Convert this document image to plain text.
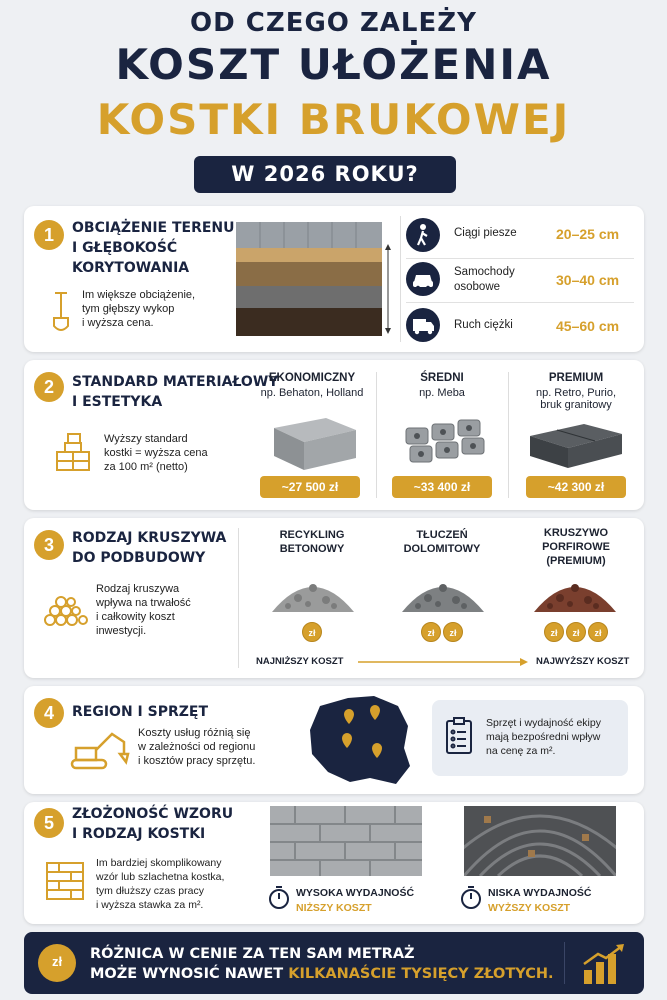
OD CZEGO ZALEŻY
KOSZT UŁOŻENIA
KOSTKI BRUKOWEJ
W 2026 ROKU?
1	OBCIĄŻENIE TERENU
I GŁĘBOKOŚĆ
KORYTOWANIA
Im większe obciążenie,
tym głębszy wykop
i wyższa cena.
Ciągi piesze	20–25 cm
Samochody
osobowe	30–40 cm
Ruch ciężki	45–60 cm
2	STANDARD MATERIAŁOWY
I ESTETYKA
Wyższy standard
kostki = wyższa cena
za 100 m² (netto)
EKONOMICZNY
np. Behaton, Holland
~27 500 zł
ŚREDNI
np. Meba
~33 400 zł
PREMIUM
np. Retro, Purio,
bruk granitowy
~42 300 zł
3	RODZAJ KRUSZYWA
DO PODBUDOWY
Rodzaj kruszywa
wpływa na trwałość
i całkowity koszt
inwestycji.
RECYKLING
BETONOWY
zł
TŁUCZEŃ
DOLOMITOWY
zł zł
KRUSZYWO
PORFIROWE
(PREMIUM)
zł zł zł
NAJNIŻSZY KOSZT	NAJWYŻSZY KOSZT
4	REGION I SPRZĘT
Koszty usług różnią się
w zależności od regionu
i kosztów pracy sprzętu.
Sprzęt i wydajność ekipy
mają bezpośredni wpływ
na cenę za m².
5	ZŁOŻONOŚĆ WZORU
I RODZAJ KOSTKI
Im bardziej skomplikowany
wzór lub szlachetna kostka,
tym dłuższy czas pracy
i wyższa stawka za m².
WYSOKA WYDAJNOŚĆ
NIŻSZY KOSZT
NISKA WYDAJNOŚĆ
WYŻSZY KOSZT
zł	RÓŻNICA W CENIE ZA TEN SAM METRAŻ
MOŻE WYNOSIĆ NAWET KILKANAŚCIE TYSIĘCY ZŁOTYCH.
